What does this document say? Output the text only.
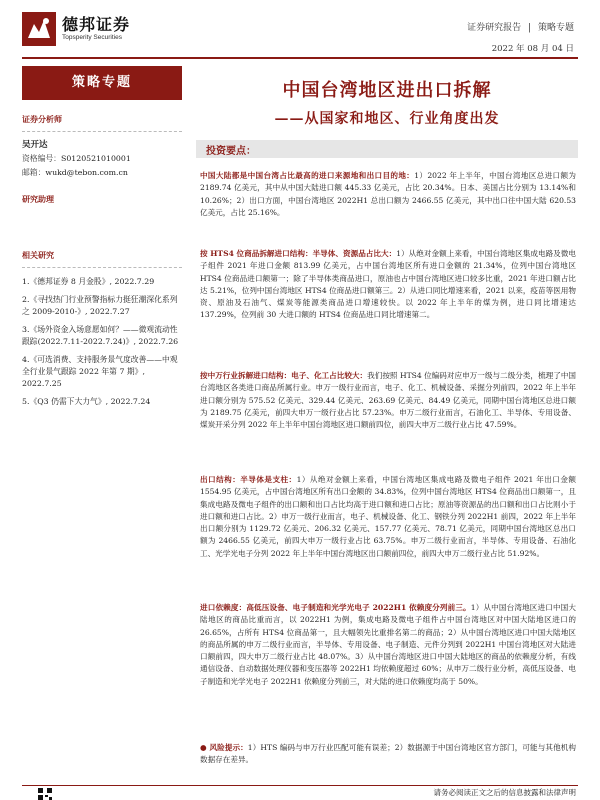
德邦证券
Topsperity Securities
证券研究报告 | 策略专题
2022 年 08 月 04 日
策略专题
证券分析师
吴开达
资格编号：S0120521010001
邮箱：wukd@tebon.com.cn
研究助理
相关研究
1.《德邦证券 8 月金股》, 2022.7.29
2.《寻找热门行业预警指标力挺狂潮深化系列之 2009-2010-》, 2022.7.27
3.《场外资金入场意愿如何？——微观流动性跟踪(2022.7.11-2022.7.24)》, 2022.7.26
4.《可选消费、支持服务景气度改善——中观全行业景气跟踪 2022 年第 7 期》, 2022.7.25
5.《Q3 仍需下大力气》, 2022.7.24
中国台湾地区进出口拆解
——从国家和地区、行业角度出发
投资要点：
中国大陆都是中国台湾占比最高的进口来源地和出口目的地：1）2022 年上半年，中国台湾地区总进口额为 2189.74 亿美元，其中从中国大陆进口额 445.33 亿美元，占比 20.34%。日本、美国占比分别为 13.14%和 10.26%；2）出口方面，中国台湾地区 2022H1 总出口额为 2466.55 亿美元，其中出口往中国大陆 620.53 亿美元，占比 25.16%。
按 HTS4 位商品拆解进口结构：半导体、资源品占比大：1）从绝对金额上来看，中国台湾地区集成电路及微电子组件 2021 年进口金额 813.99 亿美元，占中国台湾地区所有进口金额的 21.34%，位列中国台湾地区 HTS4 位商品进口额第一；除了半导体类商品进口，原油也占中国台湾地区进口较多比重，2021 年进口额占比达 5.21%，位列中国台湾地区 HTS4 位商品进口额第三。2）从进口同比增速来看，2021 以来，疫苗等医用物资、原油及石油气、煤炭等能源类商品进口增速较快。以 2022 年上半年的煤为例，进口同比增速达 137.29%，位列前 30 大进口额的 HTS4 位商品进口同比增速第二。
按中万行业拆解进口结构：电子、化工占比较大：我们按照 HTS4 位编码对应申万一级与二级分类，梳理了中国台湾地区各类进口商品所属行业。申万一级行业而言，电子、化工、机械设备、采掘分列前四，2022 年上半年进口额分别为 575.52 亿美元、329.44 亿美元、263.69 亿美元、84.49 亿美元，同期中国台湾地区总进口额为 2189.75 亿美元，前四大申万一级行业占比 57.23%。申万二级行业而言，石油化工、半导体、专用设备、煤炭开采分列 2022 年上半年中国台湾地区进口额前四位，前四大申万二级行业占比 47.59%。
出口结构：半导体是支柱：1）从绝对金额上来看，中国台湾地区集成电路及微电子组件 2021 年出口金额 1554.95 亿美元，占中国台湾地区所有出口金额的 34.83%，位列中国台湾地区 HTS4 位商品出口额第一，且集成电路及微电子组件的出口额和出口占比均高于进口额和进口占比；原油等资源品的出口额和出口占比则小于进口额和进口占比。2）申万一级行业而言，电子、机械设备、化工、钢铁分列 2022H1 前四，2022 年上半年出口额分别为 1129.72 亿美元、206.32 亿美元、157.77 亿美元、78.71 亿美元，同期中国台湾地区总出口额为 2466.55 亿美元，前四大申万一级行业占比 63.75%。申万二级行业而言，半导体、专用设备、石油化工、光学光电子分列 2022 年上半年中国台湾地区出口额前四位，前四大申万二级行业占比 51.92%。
进口依赖度：高低压设备、电子制造和光学光电子 2022H1 依赖度分列前三。1）从中国台湾地区进口中国大陆地区的商品比重而言，以 2022H1 为例，集成电路及微电子组件占中国台湾地区对中国大陆地区进口的 26.65%，占所有 HTS4 位商品第一，且大幅领先比重排名第二的商品；2）从中国台湾地区进口中国大陆地区的商品所属的申万二级行业而言，半导体、专用设备、电子制造、元件分列到 2022H1 中国台湾地区对大陆进口额前四，四大申万二级行业占比 48.07%。3）从中国台湾地区进口中国大陆地区的商品的依赖度分析，有线通信设备、自动数据处理仪器和变压器等 2022H1 均依赖度超过 60%；从申万二级行业分析，高低压设备、电子制造和光学光电子 2022H1 依赖度分列前三，对大陆的进口依赖度均高于 50%。
● 风险提示：1）HTS 编码与申万行业匹配可能有误差；2）数据源于中国台湾地区官方部门，可能与其他机构数据存在差异。
请务必阅读正文之后的信息披露和法律声明
